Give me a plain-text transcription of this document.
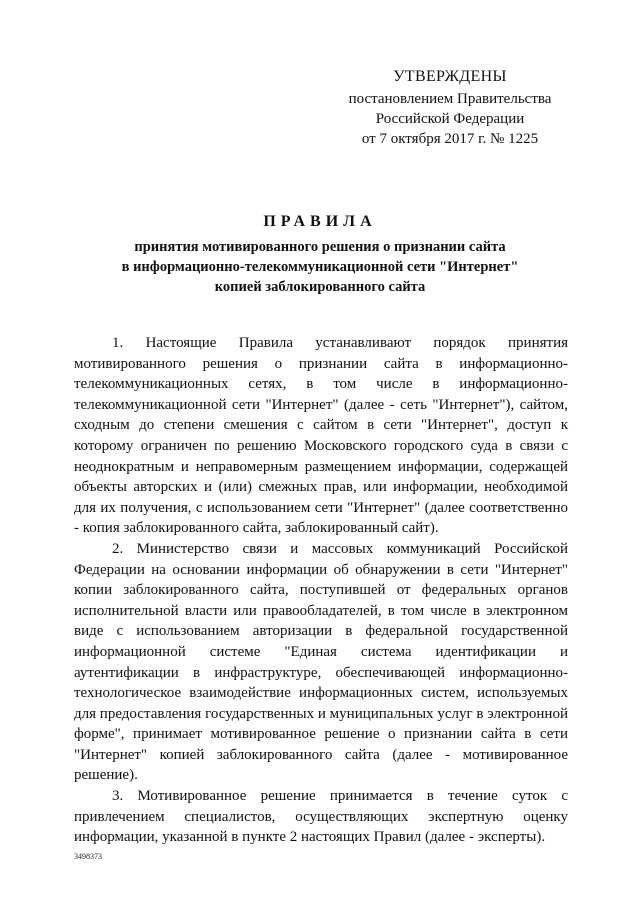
УТВЕРЖДЕНЫ
постановлением Правительства
Российской Федерации
от 7 октября 2017 г. № 1225
ПРАВИЛА
принятия мотивированного решения о признании сайта
в информационно-телекоммуникационной сети "Интернет"
копией заблокированного сайта

1. Настоящие Правила устанавливают порядок принятия мотивированного решения о признании сайта в информационно-телекоммуникационных сетях, в том числе в информационно-телекоммуникационной сети "Интернет" (далее - сеть "Интернет"), сайтом, сходным до степени смешения с сайтом в сети "Интернет", доступ к которому ограничен по решению Московского городского суда в связи с неоднократным и неправомерным размещением информации, содержащей объекты авторских и (или) смежных прав, или информации, необходимой для их получения, с использованием сети "Интернет" (далее соответственно - копия заблокированного сайта, заблокированный сайт).

2. Министерство связи и массовых коммуникаций Российской Федерации на основании информации об обнаружении в сети "Интернет" копии заблокированного сайта, поступившей от федеральных органов исполнительной власти или правообладателей, в том числе в электронном виде с использованием авторизации в федеральной государственной информационной системе "Единая система идентификации и аутентификации в инфраструктуре, обеспечивающей информационно-технологическое взаимодействие информационных систем, используемых для предоставления государственных и муниципальных услуг в электронной форме", принимает мотивированное решение о признании сайта в сети "Интернет" копией заблокированного сайта (далее - мотивированное решение).

3. Мотивированное решение принимается в течение суток с привлечением специалистов, осуществляющих экспертную оценку информации, указанной в пункте 2 настоящих Правил (далее - эксперты).

3498373
